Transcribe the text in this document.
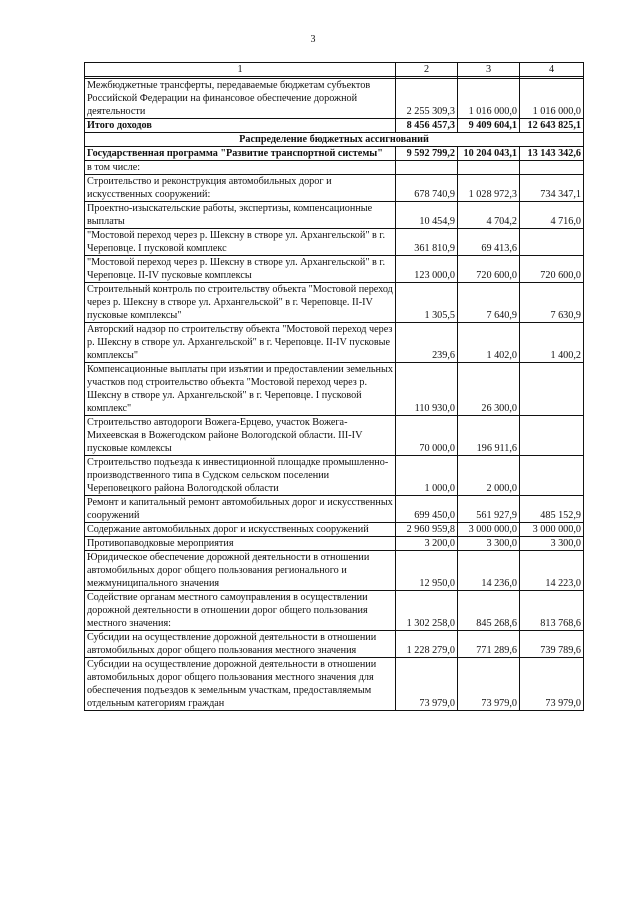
3
1	2	3	4

Межбюджетные трансферты, передаваемые бюджетам субъектов Российской Федерации на финансовое обеспечение дорожной деятельности	2 255 309,3	1 016 000,0	1 016 000,0
Итого доходов	8 456 457,3	9 409 604,1	12 643 825,1
Распределение бюджетных ассигнований			
Государственная программа "Развитие транспортной системы"	9 592 799,2	10 204 043,1	13 143 342,6
в том числе:			
Строительство и реконструкция автомобильных дорог и искусственных сооружений:	678 740,9	1 028 972,3	734 347,1
Проектно-изыскательские работы, экспертизы, компенсационные выплаты	10 454,9	4 704,2	4 716,0
"Мостовой переход через р. Шексну в створе ул. Архангельской" в г. Череповце. I пусковой комплекс	361 810,9	69 413,6	
"Мостовой переход через р. Шексну в створе ул. Архангельской" в г. Череповце. II-IV пусковые комплексы	123 000,0	720 600,0	720 600,0
Строительный контроль по строительству объекта "Мостовой переход через р. Шексну в створе ул. Архангельской" в г. Череповце. II-IV пусковые комплексы"	1 305,5	7 640,9	7 630,9
Авторский надзор по строительству объекта "Мостовой переход через р. Шексну в створе ул. Архангельской" в г. Череповце. II-IV пусковые комплексы"	239,6	1 402,0	1 400,2
Компенсационные выплаты при изъятии и предоставлении земельных участков под строительство объекта "Мостовой переход через р. Шексну в створе ул. Архангельской" в г. Череповце. I пусковой комплекс"	110 930,0	26 300,0	
Строительство автодороги Вожега-Ерцево, участок Вожега-Михеевская в Вожегодском районе Вологодской области. III-IV пусковые комлексы	70 000,0	196 911,6	
Строительство подъезда к инвестиционной площадке промышленно-производственного типа в Судском сельском поселении Череповецкого района Вологодской области	1 000,0	2 000,0	
Ремонт и капитальный ремонт автомобильных дорог и искусственных сооружений	699 450,0	561 927,9	485 152,9
Содержание автомобильных дорог и искусственных сооружений	2 960 959,8	3 000 000,0	3 000 000,0
Противопаводковые мероприятия	3 200,0	3 300,0	3 300,0
Юридическое обеспечение дорожной деятельности в отношении автомобильных дорог общего пользования регионального и межмуниципального значения	12 950,0	14 236,0	14 223,0
Содействие органам местного самоуправления в осуществлении дорожной деятельности в отношении дорог общего пользования местного значения:	1 302 258,0	845 268,6	813 768,6
Субсидии на осуществление дорожной деятельности в отношении автомобильных дорог общего пользования местного значения	1 228 279,0	771 289,6	739 789,6
Субсидии на осуществление дорожной деятельности в отношении автомобильных дорог общего пользования местного значения для обеспечения подъездов к земельным участкам, предоставляемым отдельным категориям граждан	73 979,0	73 979,0	73 979,0
